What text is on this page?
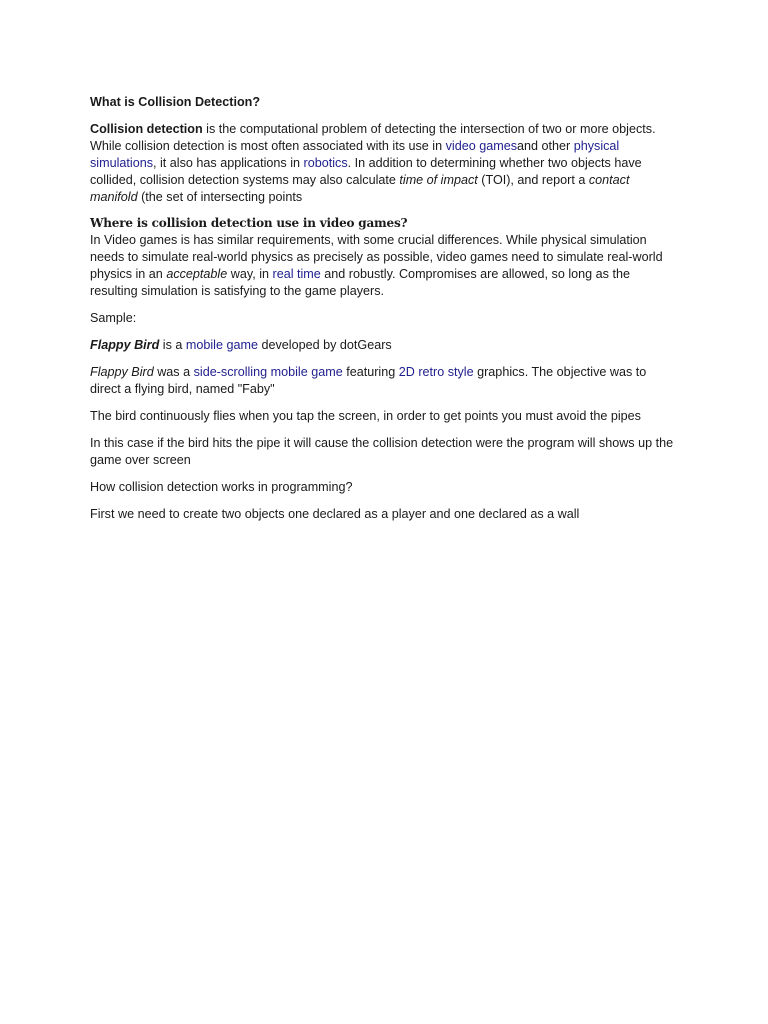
What is Collision Detection?

Collision detection is the computational problem of detecting the intersection of two or more objects. While collision detection is most often associated with its use in video gamesand other physical simulations, it also has applications in robotics. In addition to determining whether two objects have collided, collision detection systems may also calculate time of impact (TOI), and report a contact manifold (the set of intersecting points

Where is collision detection use in video games?

In Video games is has similar requirements, with some crucial differences. While physical simulation needs to simulate real-world physics as precisely as possible, video games need to simulate real-world physics in an acceptable way, in real time and robustly. Compromises are allowed, so long as the resulting simulation is satisfying to the game players.

Sample:

Flappy Bird is a mobile game developed by dotGears

Flappy Bird was a side-scrolling mobile game featuring 2D retro style graphics. The objective was to direct a flying bird, named "Faby"

The bird continuously flies when you tap the screen, in order to get points you must avoid the pipes

In this case if the bird hits the pipe it will cause the collision detection were the program will shows up the game over screen

How collision detection works in programming?

First we need to create two objects one declared as a player and one declared as a wall
